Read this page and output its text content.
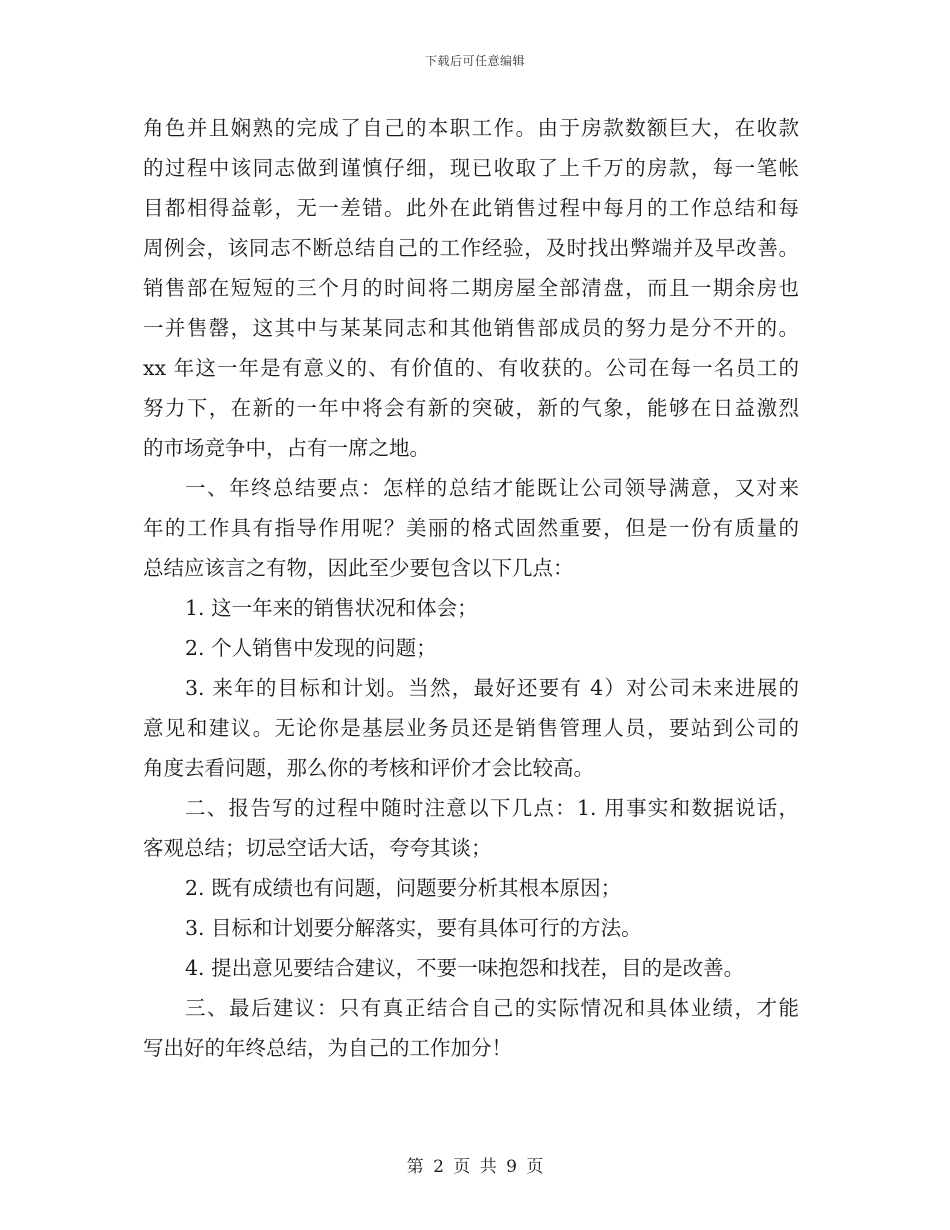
下载后可任意编辑
角色并且娴熟的完成了自己的本职工作。由于房款数额巨大，在收款
的过程中该同志做到谨慎仔细，现已收取了上千万的房款，每一笔帐
目都相得益彰，无一差错。此外在此销售过程中每月的工作总结和每
周例会，该同志不断总结自己的工作经验，及时找出弊端并及早改善。
销售部在短短的三个月的时间将二期房屋全部清盘，而且一期余房也
一并售罄，这其中与某某同志和其他销售部成员的努力是分不开的。
xx 年这一年是有意义的、有价值的、有收获的。公司在每一名员工的
努力下，在新的一年中将会有新的突破，新的气象，能够在日益激烈
的市场竞争中，占有一席之地。
一、年终总结要点：怎样的总结才能既让公司领导满意，又对来
年的工作具有指导作用呢？美丽的格式固然重要，但是一份有质量的
总结应该言之有物，因此至少要包含以下几点：
1. 这一年来的销售状况和体会；
2. 个人销售中发现的问题；
3. 来年的目标和计划。当然，最好还要有 4）对公司未来进展的
意见和建议。无论你是基层业务员还是销售管理人员，要站到公司的
角度去看问题，那么你的考核和评价才会比较高。
二、报告写的过程中随时注意以下几点：1. 用事实和数据说话，
客观总结；切忌空话大话，夸夸其谈；
2. 既有成绩也有问题，问题要分析其根本原因；
3. 目标和计划要分解落实，要有具体可行的方法。
4. 提出意见要结合建议，不要一味抱怨和找茬，目的是改善。
三、最后建议：只有真正结合自己的实际情况和具体业绩，才能
写出好的年终总结，为自己的工作加分！
第 2 页 共 9 页
